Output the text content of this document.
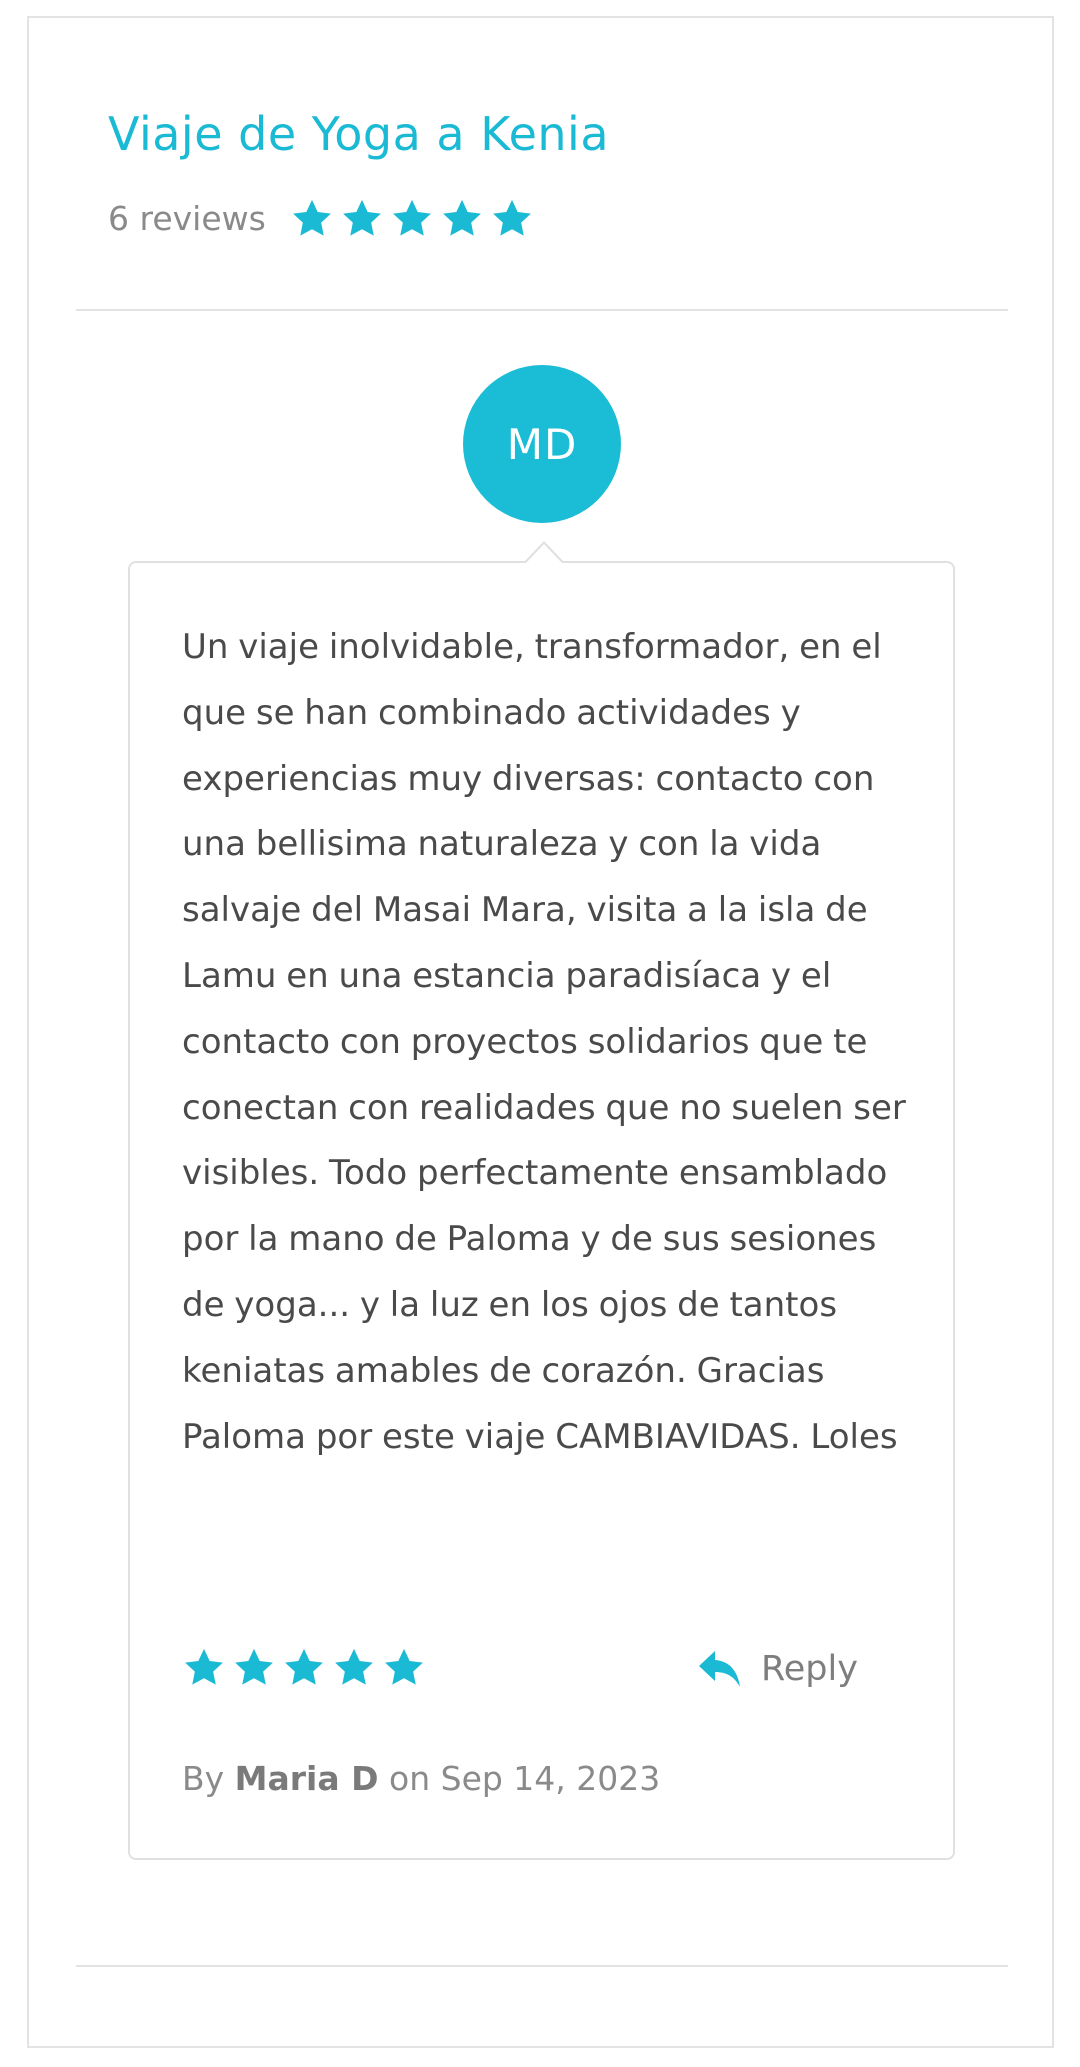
Viaje de Yoga a Kenia
6 reviews
MD

Un viaje inolvidable, transformador, en el que se han combinado actividades y experiencias muy diversas: contacto con una bellisima naturaleza y con la vida salvaje del Masai Mara, visita a la isla de Lamu en una estancia paradisíaca y el contacto con proyectos solidarios que te conectan con realidades que no suelen ser visibles. Todo perfectamente ensamblado por la mano de Paloma y de sus sesiones de yoga... y la luz en los ojos de tantos keniatas amables de corazón. Gracias Paloma por este viaje CAMBIAVIDAS. Loles

Reply
By Maria D on Sep 14, 2023
